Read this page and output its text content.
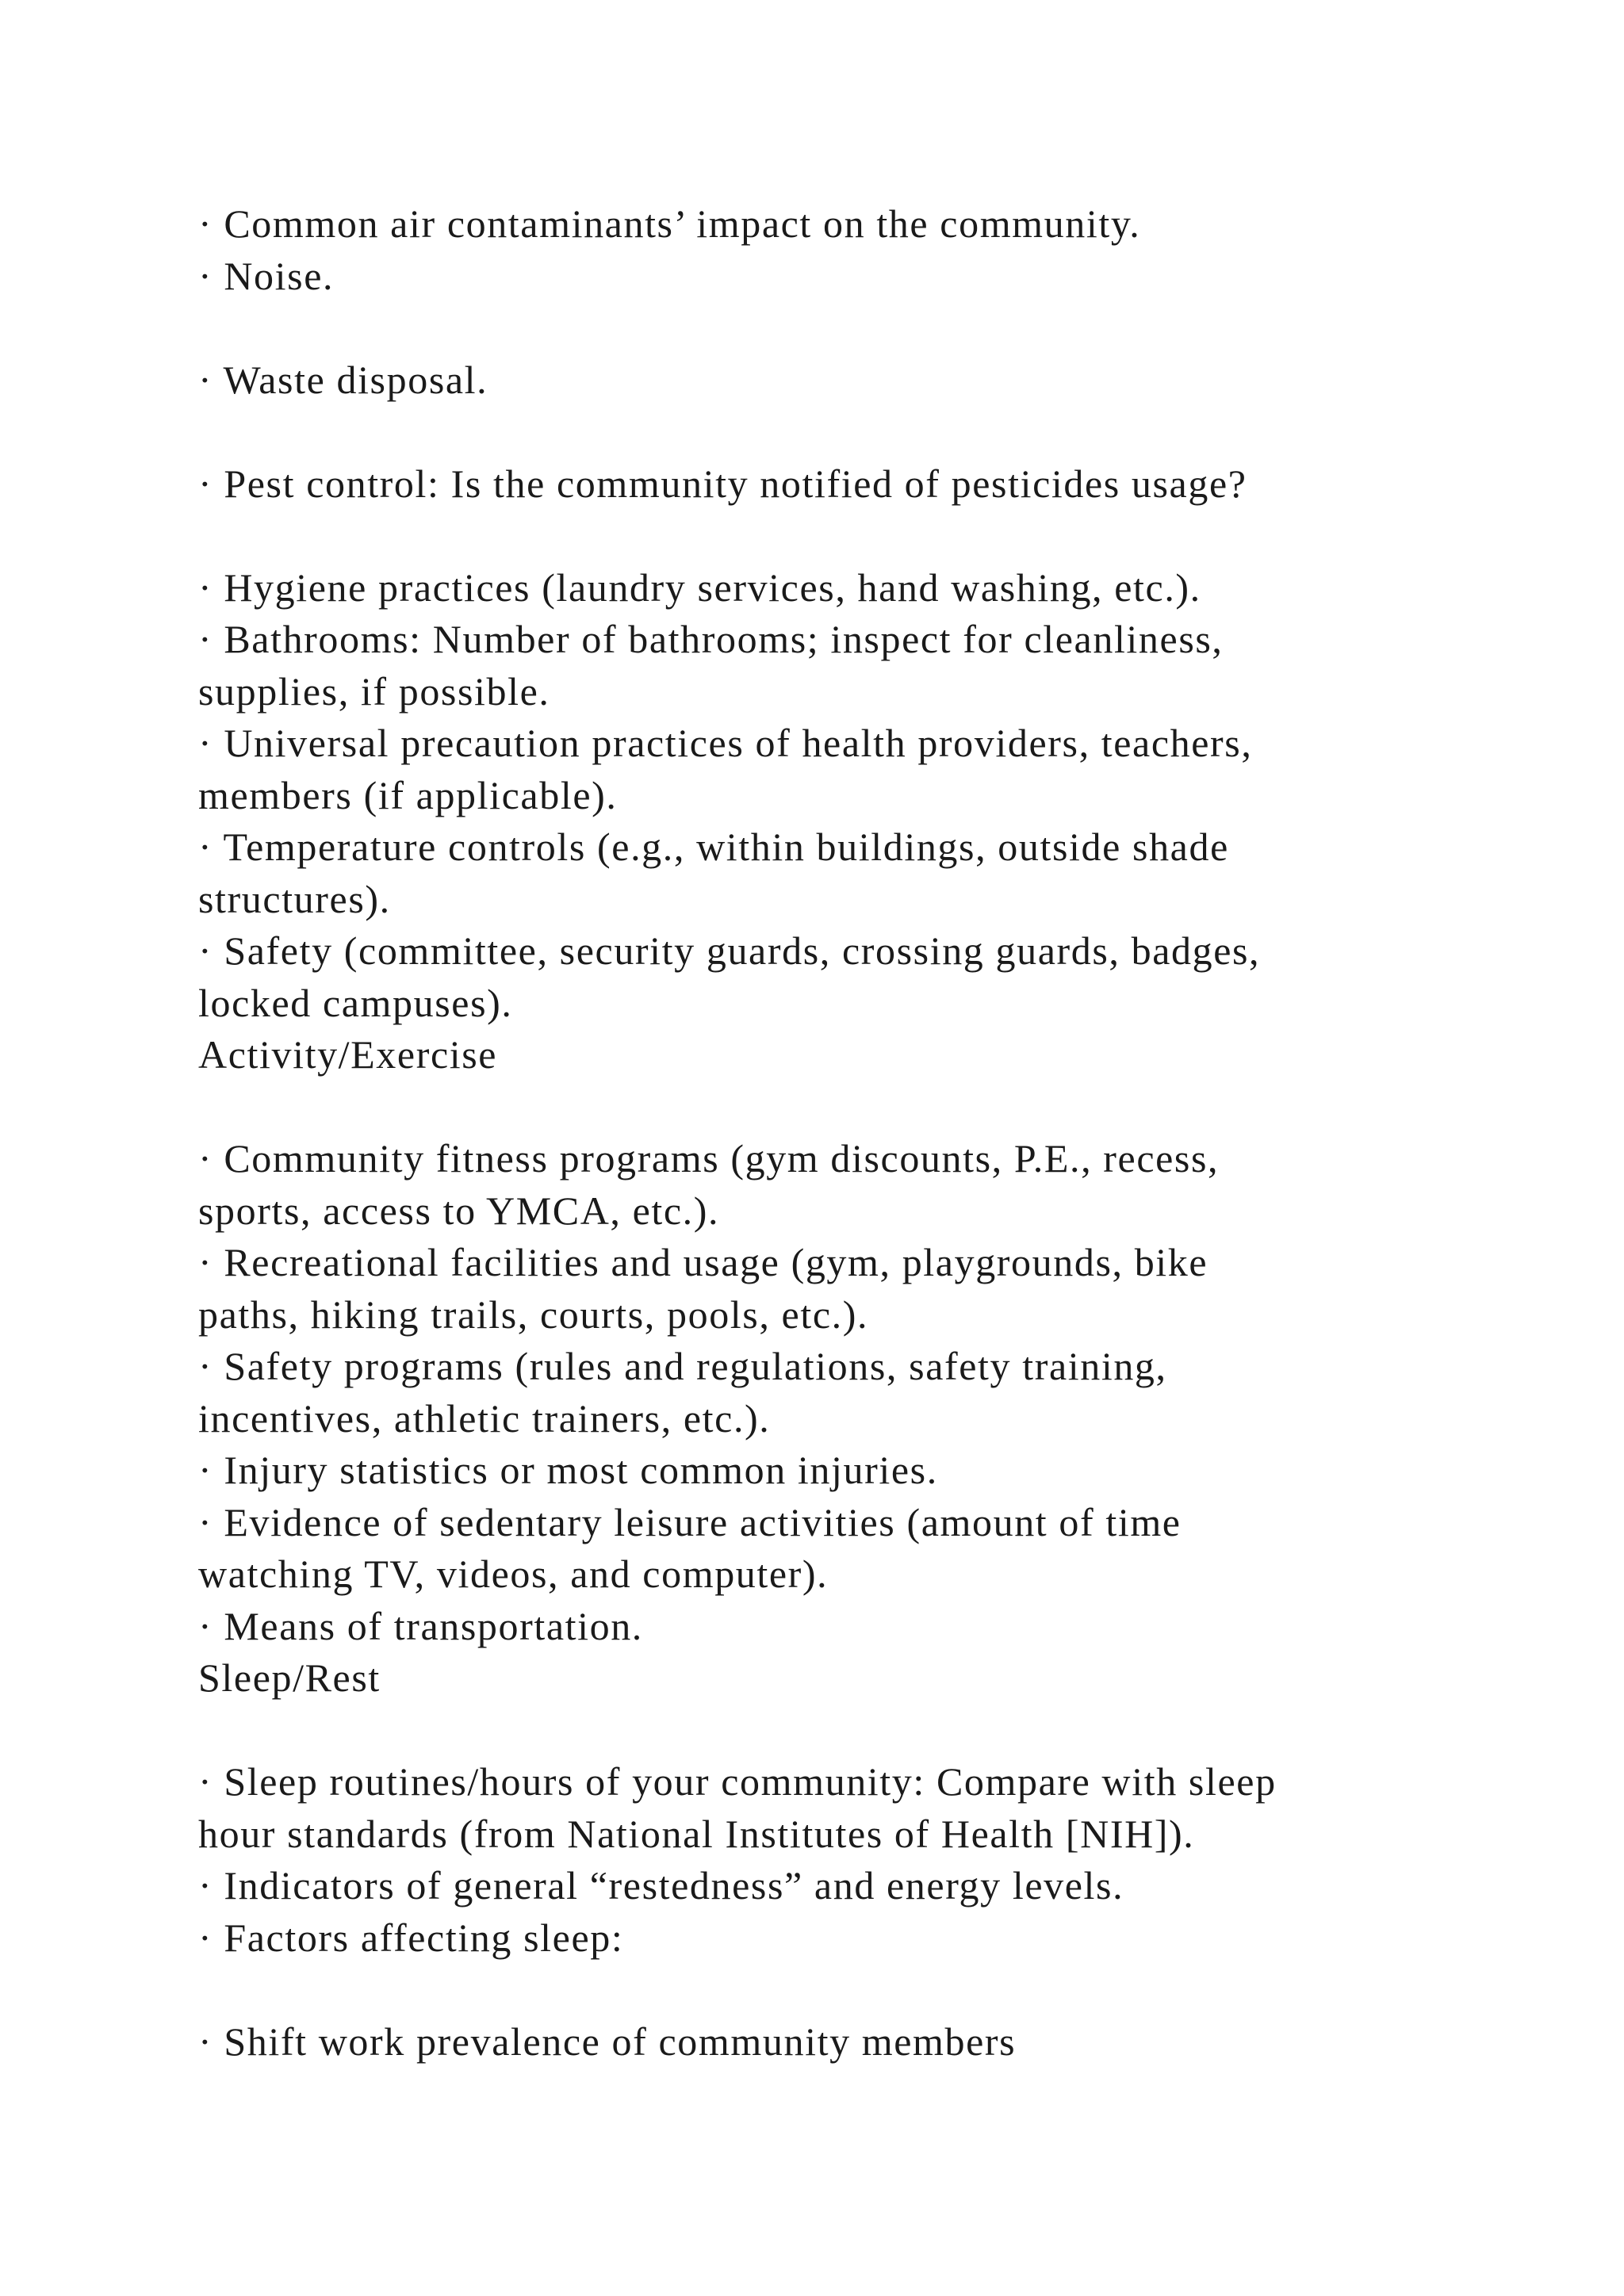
· Common air contaminants’ impact on the community.
· Noise.
· Waste disposal.
· Pest control: Is the community notified of pesticides usage?
· Hygiene practices (laundry services, hand washing, etc.).
· Bathrooms: Number of bathrooms; inspect for cleanliness,
supplies, if possible.
· Universal precaution practices of health providers, teachers,
members (if applicable).
· Temperature controls (e.g., within buildings, outside shade
structures).
· Safety (committee, security guards, crossing guards, badges,
locked campuses).
Activity/Exercise
· Community fitness programs (gym discounts, P.E., recess,
sports, access to YMCA, etc.).
· Recreational facilities and usage (gym, playgrounds, bike
paths, hiking trails, courts, pools, etc.).
· Safety programs (rules and regulations, safety training,
incentives, athletic trainers, etc.).
· Injury statistics or most common injuries.
· Evidence of sedentary leisure activities (amount of time
watching TV, videos, and computer).
· Means of transportation.
Sleep/Rest
· Sleep routines/hours of your community: Compare with sleep
hour standards (from National Institutes of Health [NIH]).
· Indicators of general “restedness” and energy levels.
· Factors affecting sleep:
· Shift work prevalence of community members
